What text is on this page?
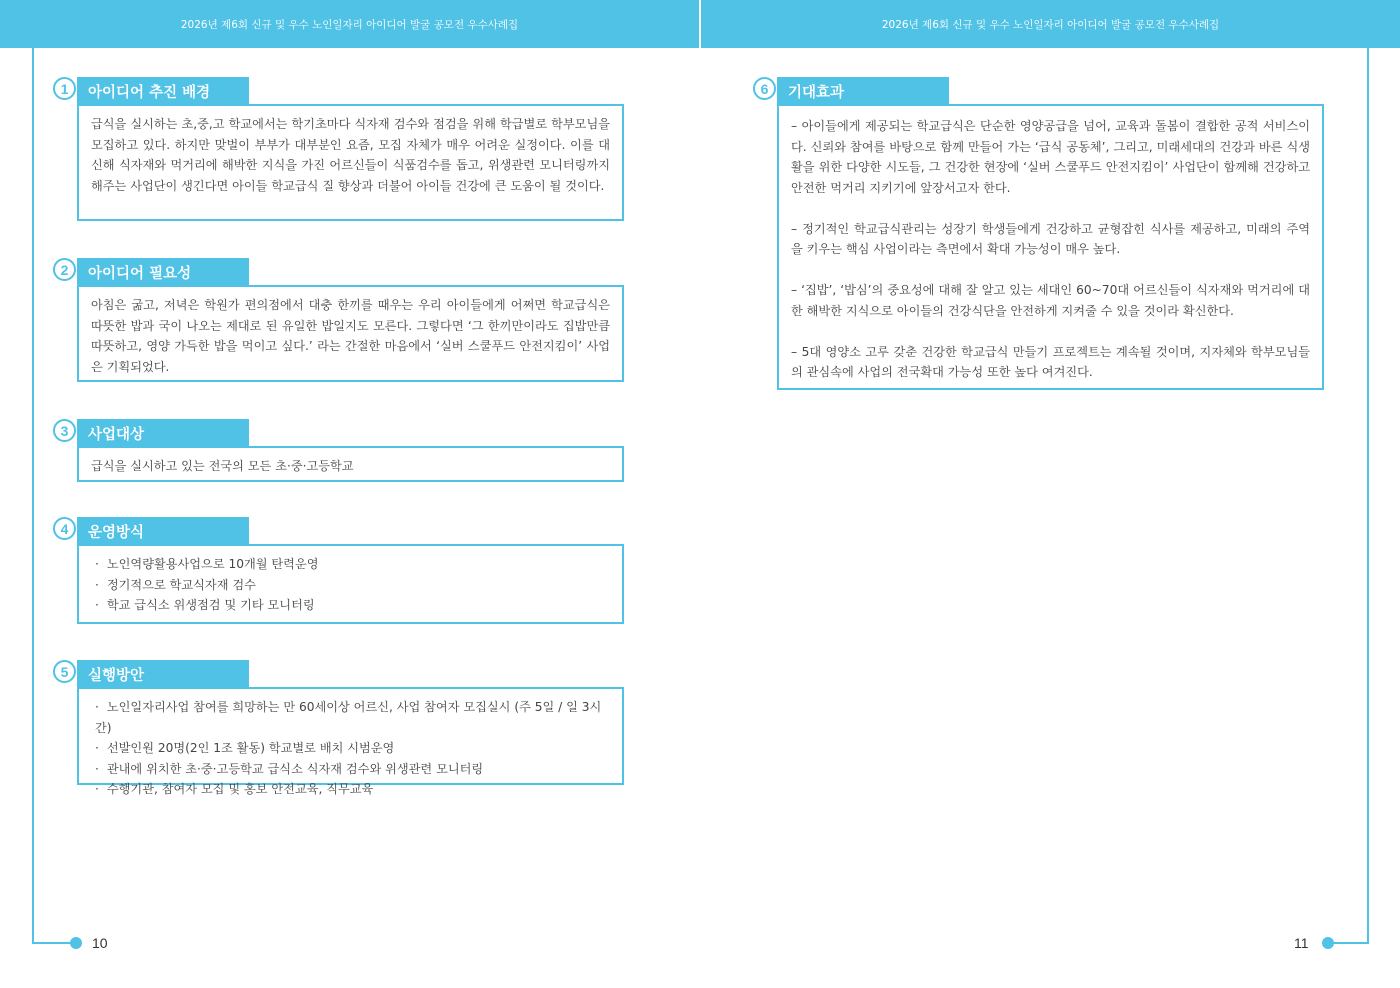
2026년 제6회 신규 및 우수 노인일자리 아이디어 발굴 공모전 우수사례집	2026년 제6회 신규 및 우수 노인일자리 아이디어 발굴 공모전 우수사례집
10	11
1	아이디어 추진 배경

급식을 실시하는 초,중,고 학교에서는 학기초마다 식자재 검수와 점검을 위해 학급별로 학부모님을 모집하고 있다. 하지만 맞벌이 부부가 대부분인 요즘, 모집 자체가 매우 어려운 실정이다. 이를 대신해 식자재와 먹거리에 해박한 지식을 가진 어르신들이 식품검수를 돕고, 위생관련 모니터링까지 해주는 사업단이 생긴다면 아이들 학교급식 질 향상과 더불어 아이들 건강에 큰 도움이 될 것이다.

2	아이디어 필요성

아침은 굶고, 저녁은 학원가 편의점에서 대충 한끼를 때우는 우리 아이들에게 어쩌면 학교급식은 따뜻한 밥과 국이 나오는 제대로 된 유일한 밥일지도 모른다. 그렇다면 ‘그 한끼만이라도 집밥만큼 따뜻하고, 영양 가득한 밥을 먹이고 싶다.’ 라는 간절한 마음에서 ‘실버 스쿨푸드 안전지킴이’ 사업은 기획되었다.

3	사업대상

급식을 실시하고 있는 전국의 모든 초·중·고등학교

4	운영방식
· 노인역량활용사업으로 10개월 탄력운영
· 정기적으로 학교식자재 검수
· 학교 급식소 위생점검 및 기타 모니터링
5	실행방안
· 노인일자리사업 참여를 희망하는 만 60세이상 어르신, 사업 참여자 모집실시 (주 5일 / 일 3시간)
· 선발인원 20명(2인 1조 활동) 학교별로 배치 시범운영
· 관내에 위치한 초·중·고등학교 급식소 식자재 검수와 위생관련 모니터링
· 수행기관, 참여자 모집 및 홍보 안전교육, 직무교육
6	기대효과

– 아이들에게 제공되는 학교급식은 단순한 영양공급을 넘어, 교육과 돌봄이 결합한 공적 서비스이다. 신뢰와 참여를 바탕으로 함께 만들어 가는 ‘급식 공동체’, 그리고, 미래세대의 건강과 바른 식생활을 위한 다양한 시도들, 그 건강한 현장에 ‘실버 스쿨푸드 안전지킴이’ 사업단이 함께해 건강하고 안전한 먹거리 지키기에 앞장서고자 한다.

– 정기적인 학교급식관리는 성장기 학생들에게 건강하고 균형잡힌 식사를 제공하고, 미래의 주역을 키우는 핵심 사업이라는 측면에서 확대 가능성이 매우 높다.

– ‘집밥’, ‘밥심’의 중요성에 대해 잘 알고 있는 세대인 60~70대 어르신들이 식자재와 먹거리에 대한 해박한 지식으로 아이들의 건강식단을 안전하게 지켜줄 수 있을 것이라 확신한다.

– 5대 영양소 고루 갖춘 건강한 학교급식 만들기 프로젝트는 계속될 것이며, 지자체와 학부모님들의 관심속에 사업의 전국확대 가능성 또한 높다 여겨진다.
